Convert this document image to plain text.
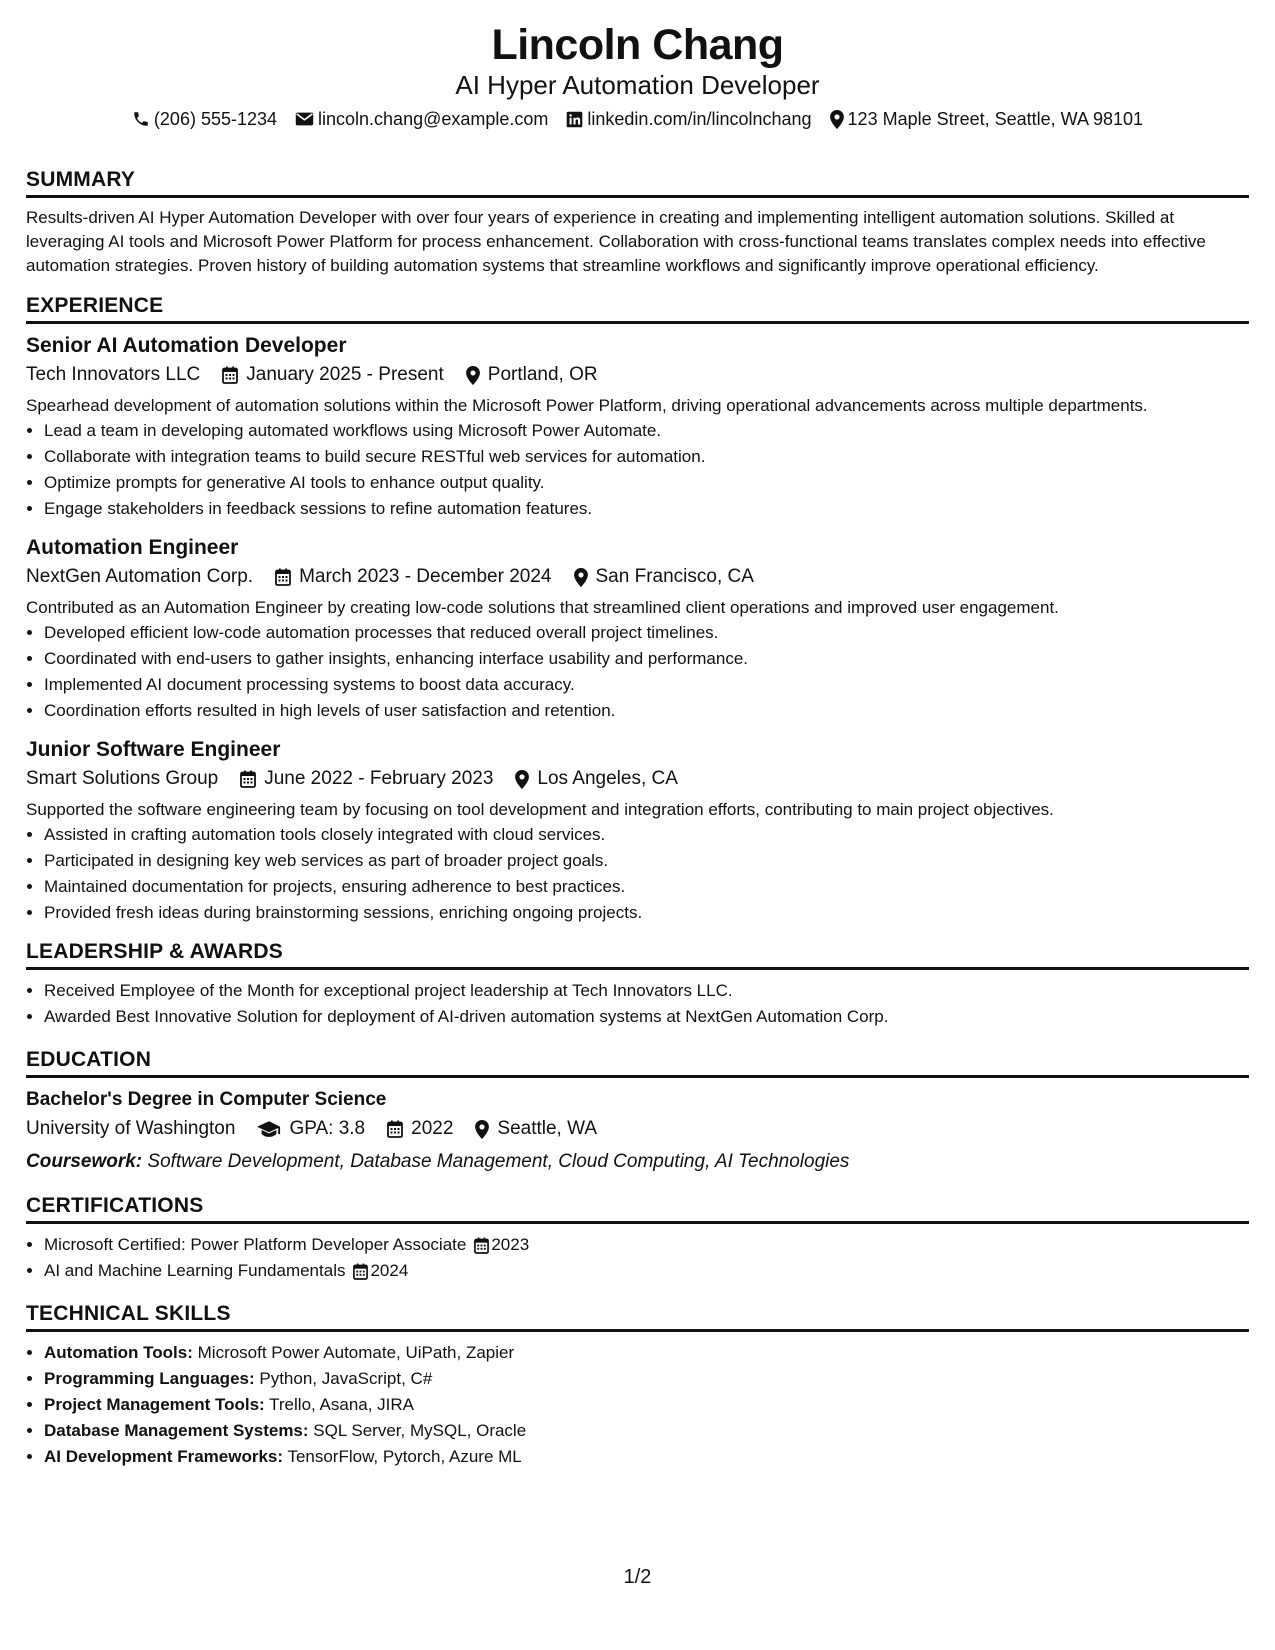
Lincoln Chang
AI Hyper Automation Developer
(206) 555-1234 lincoln.chang@example.com linkedin.com/in/lincolnchang 123 Maple Street, Seattle, WA 98101
SUMMARY

Results-driven AI Hyper Automation Developer with over four years of experience in creating and implementing intelligent automation solutions. Skilled at leveraging AI tools and Microsoft Power Platform for process enhancement. Collaboration with cross-functional teams translates complex needs into effective automation strategies. Proven history of building automation systems that streamline workflows and significantly improve operational efficiency.

EXPERIENCE
Senior AI Automation Developer
Tech Innovators LLC January 2025 - Present Portland, OR

Spearhead development of automation solutions within the Microsoft Power Platform, driving operational advancements across multiple departments.

• Lead a team in developing automated workflows using Microsoft Power Automate.
• Collaborate with integration teams to build secure RESTful web services for automation.
• Optimize prompts for generative AI tools to enhance output quality.
• Engage stakeholders in feedback sessions to refine automation features.
Automation Engineer
NextGen Automation Corp. March 2023 - December 2024 San Francisco, CA

Contributed as an Automation Engineer by creating low-code solutions that streamlined client operations and improved user engagement.

• Developed efficient low-code automation processes that reduced overall project timelines.
• Coordinated with end-users to gather insights, enhancing interface usability and performance.
• Implemented AI document processing systems to boost data accuracy.
• Coordination efforts resulted in high levels of user satisfaction and retention.
Junior Software Engineer
Smart Solutions Group June 2022 - February 2023 Los Angeles, CA

Supported the software engineering team by focusing on tool development and integration efforts, contributing to main project objectives.

• Assisted in crafting automation tools closely integrated with cloud services.
• Participated in designing key web services as part of broader project goals.
• Maintained documentation for projects, ensuring adherence to best practices.
• Provided fresh ideas during brainstorming sessions, enriching ongoing projects.
LEADERSHIP & AWARDS
• Received Employee of the Month for exceptional project leadership at Tech Innovators LLC.
• Awarded Best Innovative Solution for deployment of AI-driven automation systems at NextGen Automation Corp.
EDUCATION
Bachelor's Degree in Computer Science
University of Washington	GPA: 3.8 2022 Seattle, WA
Coursework: Software Development, Database Management, Cloud Computing, AI Technologies
CERTIFICATIONS
• Microsoft Certified: Power Platform Developer Associate 2023
• AI and Machine Learning Fundamentals 2024
TECHNICAL SKILLS
• Automation Tools: Microsoft Power Automate, UiPath, Zapier
• Programming Languages: Python, JavaScript, C#
• Project Management Tools: Trello, Asana, JIRA
• Database Management Systems: SQL Server, MySQL, Oracle
• AI Development Frameworks: TensorFlow, Pytorch, Azure ML
1/2
